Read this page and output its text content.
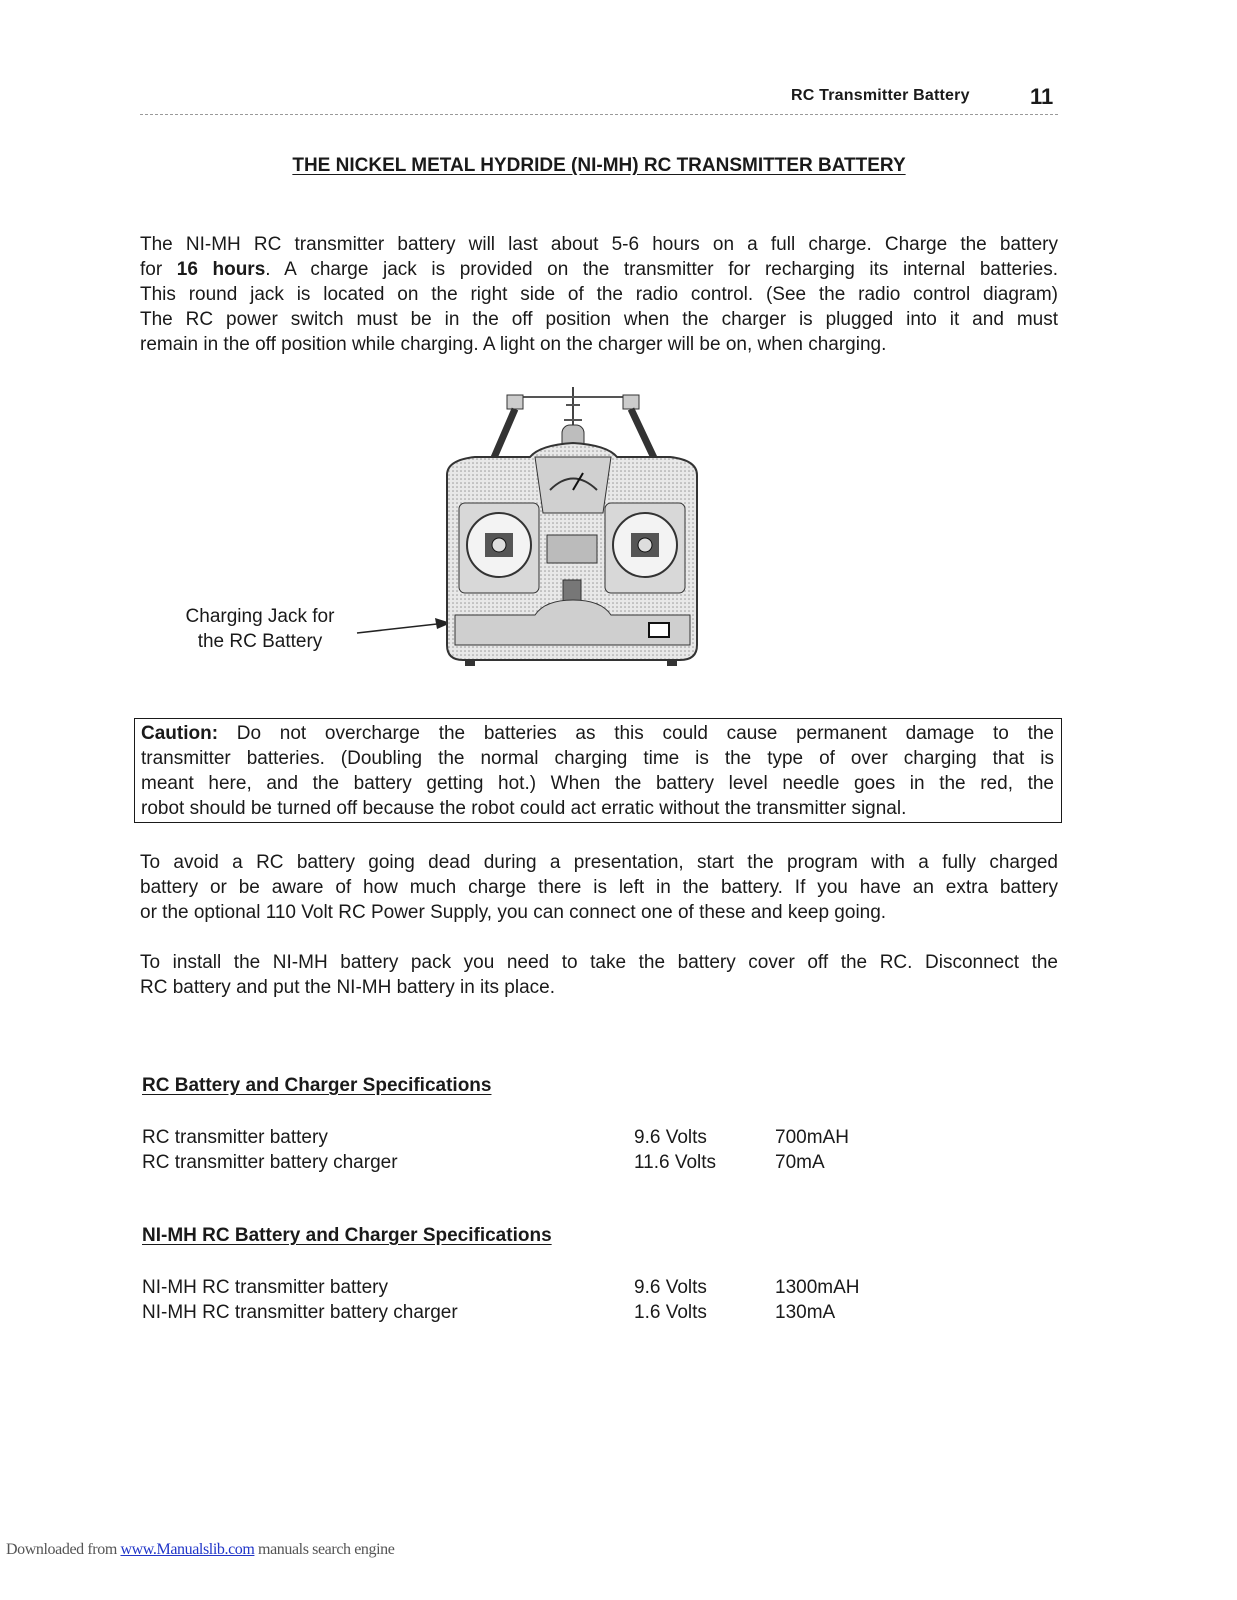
RC Transmitter Battery	11
THE NICKEL METAL HYDRIDE (NI-MH) RC TRANSMITTER BATTERY
The NI-MH RC transmitter battery will last about 5-6 hours on a full charge. Charge the battery
for 16 hours. A charge jack is provided on the transmitter for recharging its internal batteries.
This round jack is located on the right side of the radio control. (See the radio control diagram)
The RC power switch must be in the off position when the charger is plugged into it and must
remain in the off position while charging. A light on the charger will be on, when charging.
Charging Jack for
the RC Battery
Caution: Do not overcharge the batteries as this could cause permanent damage to the
transmitter batteries. (Doubling the normal charging time is the type of over charging that is
meant here, and the battery getting hot.) When the battery level needle goes in the red, the
robot should be turned off because the robot could act erratic without the transmitter signal.
To avoid a RC battery going dead during a presentation, start the program with a fully charged
battery or be aware of how much charge there is left in the battery. If you have an extra battery
or the optional 110 Volt RC Power Supply, you can connect one of these and keep going.
To install the NI-MH battery pack you need to take the battery cover off the RC. Disconnect the
RC battery and put the NI-MH battery in its place.
RC Battery and Charger Specifications
RC transmitter battery	9.6 Volts	700mAH
RC transmitter battery charger	11.6 Volts	70mA
NI-MH RC Battery and Charger Specifications
NI-MH RC transmitter battery	9.6 Volts	1300mAH
NI-MH RC transmitter battery charger	1.6 Volts	130mA
Downloaded from www.Manualslib.com manuals search engine
